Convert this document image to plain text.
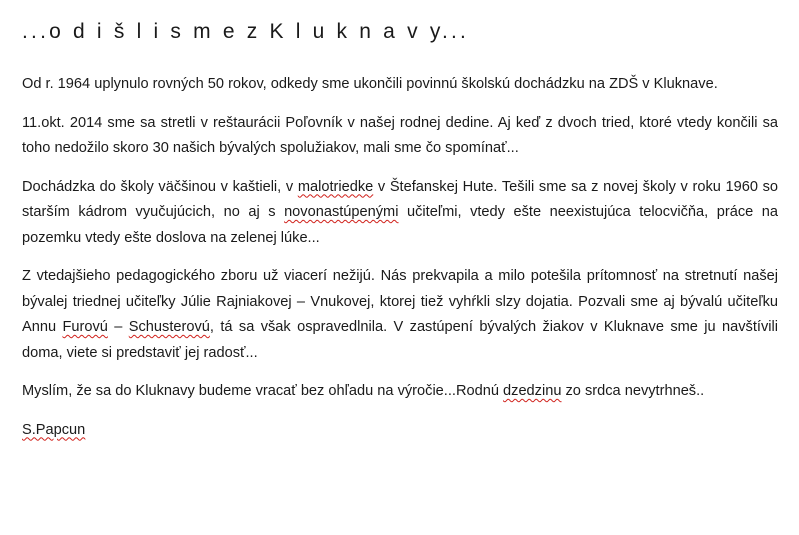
...o d i š l i s m e z K l u k n a v y...

Od r. 1964 uplynulo rovných 50 rokov, odkedy sme ukončili povinnú školskú dochádzku na ZDŠ v Kluknave.

11.okt. 2014 sme sa stretli v reštaurácii Poľovník v našej rodnej dedine. Aj keď z dvoch tried, ktoré vtedy končili sa toho nedožilo skoro 30 našich bývalých spolužiakov, mali sme čo spomínať...

Dochádzka do školy väčšinou v kaštieli, v malotriedke v Štefanskej Hute. Tešili sme sa z novej školy v roku 1960 so starším kádrom vyučujúcich, no aj s novonastúpenými učiteľmi, vtedy ešte neexistujúca telocvičňa, práce na pozemku vtedy ešte doslova na zelenej lúke...

Z vtedajšieho pedagogického zboru už viacerí nežijú. Nás prekvapila a milo potešila prítomnosť na stretnutí našej bývalej triednej učiteľky Júlie Rajniakovej – Vnukovej, ktorej tiež vyhŕkli slzy dojatia. Pozvali sme aj bývalú učiteľku Annu Furovú – Schusterovú, tá sa však ospravedlnila. V zastúpení bývalých žiakov v Kluknave sme ju navštívili doma, viete si predstaviť jej radosť...

Myslím, že sa do Kluknavy budeme vracať bez ohľadu na výročie...Rodnú dzedzinu zo srdca nevytrhneš..

S.Papcun
